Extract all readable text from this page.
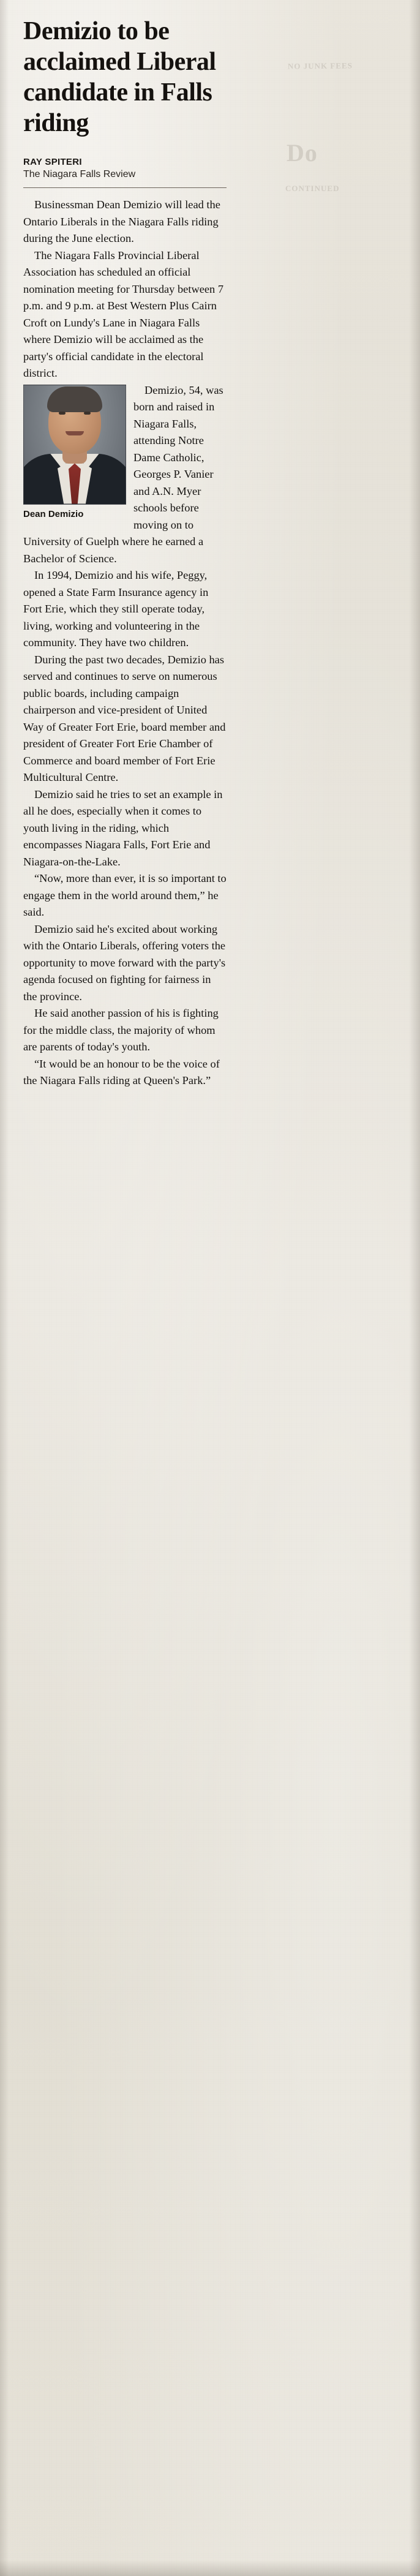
NO JUNK FEES
Do
CONTINUED
Demizio to be acclaimed Liberal candidate in Falls riding
RAY SPITERI
The Niagara Falls Review

Businessman Dean Demizio will lead the Ontario Liberals in the Niagara Falls riding during the June election.

The Niagara Falls Provincial Liberal Association has scheduled an official nomination meeting for Thursday between 7 p.m. and 9 p.m. at Best Western Plus Cairn Croft on Lundy's Lane in Niagara Falls where Demizio will be acclaimed as the party's official candidate in the electoral district.

Dean Demizio

Demizio, 54, was born and raised in Niagara Falls, attending Notre Dame Catholic, Georges P. Vanier and A.N. Myer schools before moving on to University of Guelph where he earned a Bachelor of Science.

In 1994, Demizio and his wife, Peggy, opened a State Farm Insurance agency in Fort Erie, which they still operate today, living, working and volunteering in the community. They have two children.

During the past two decades, Demizio has served and continues to serve on numerous public boards, including campaign chairperson and vice-president of United Way of Greater Fort Erie, board member and president of Greater Fort Erie Chamber of Commerce and board member of Fort Erie Multicultural Centre.

Demizio said he tries to set an example in all he does, especially when it comes to youth living in the riding, which encompasses Niagara Falls, Fort Erie and Niagara-on-the-Lake.

“Now, more than ever, it is so important to engage them in the world around them,” he said.

Demizio said he's excited about working with the Ontario Liberals, offering voters the opportunity to move forward with the party's agenda focused on fighting for fairness in the province.

He said another passion of his is fighting for the middle class, the majority of whom are parents of today's youth.

“It would be an honour to be the voice of the Niagara Falls riding at Queen's Park.”
